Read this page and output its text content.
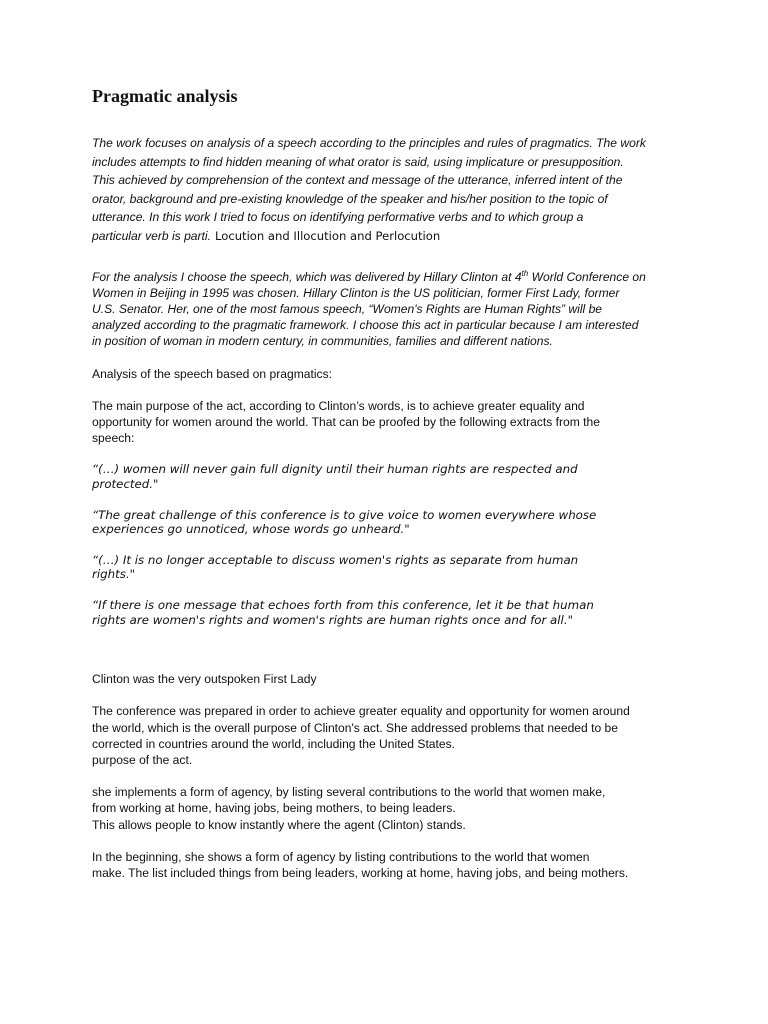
Pragmatic analysis
The work focuses on analysis of a speech according to the principles and rules of pragmatics. The work
includes attempts to find hidden meaning of what orator is said, using implicature or presupposition.
This achieved by comprehension of the context and message of the utterance, inferred intent of the
orator, background and pre-existing knowledge of the speaker and his/her position to the topic of
utterance. In this work I tried to focus on identifying performative verbs and to which group a
particular verb is parti. Locution and Illocution and Perlocution
For the analysis I choose the speech, which was delivered by Hillary Clinton at 4th World Conference on
Women in Beijing in 1995 was chosen. Hillary Clinton is the US politician, former First Lady, former
U.S. Senator. Her, one of the most famous speech, “Women's Rights are Human Rights” will be
analyzed according to the pragmatic framework. I choose this act in particular because I am interested
in position of woman in modern century, in communities, families and different nations.

Analysis of the speech based on pragmatics:

The main purpose of the act, according to Clinton’s words, is to achieve greater equality and
opportunity for women around the world. That can be proofed by the following extracts from the
speech:

“(…) women will never gain full dignity until their human rights are respected and
protected."

“The great challenge of this conference is to give voice to women everywhere whose
experiences go unnoticed, whose words go unheard."

“(…) It is no longer acceptable to discuss women's rights as separate from human
rights."

“If there is one message that echoes forth from this conference, let it be that human
rights are women's rights and women's rights are human rights once and for all."

Clinton was the very outspoken First Lady

The conference was prepared in order to achieve greater equality and opportunity for women around
the world, which is the overall purpose of Clinton's act. She addressed problems that needed to be
corrected in countries around the world, including the United States.
purpose of the act.

she implements a form of agency, by listing several contributions to the world that women make,
from working at home, having jobs, being mothers, to being leaders.
This allows people to know instantly where the agent (Clinton) stands.

In the beginning, she shows a form of agency by listing contributions to the world that women
make. The list included things from being leaders, working at home, having jobs, and being mothers.
